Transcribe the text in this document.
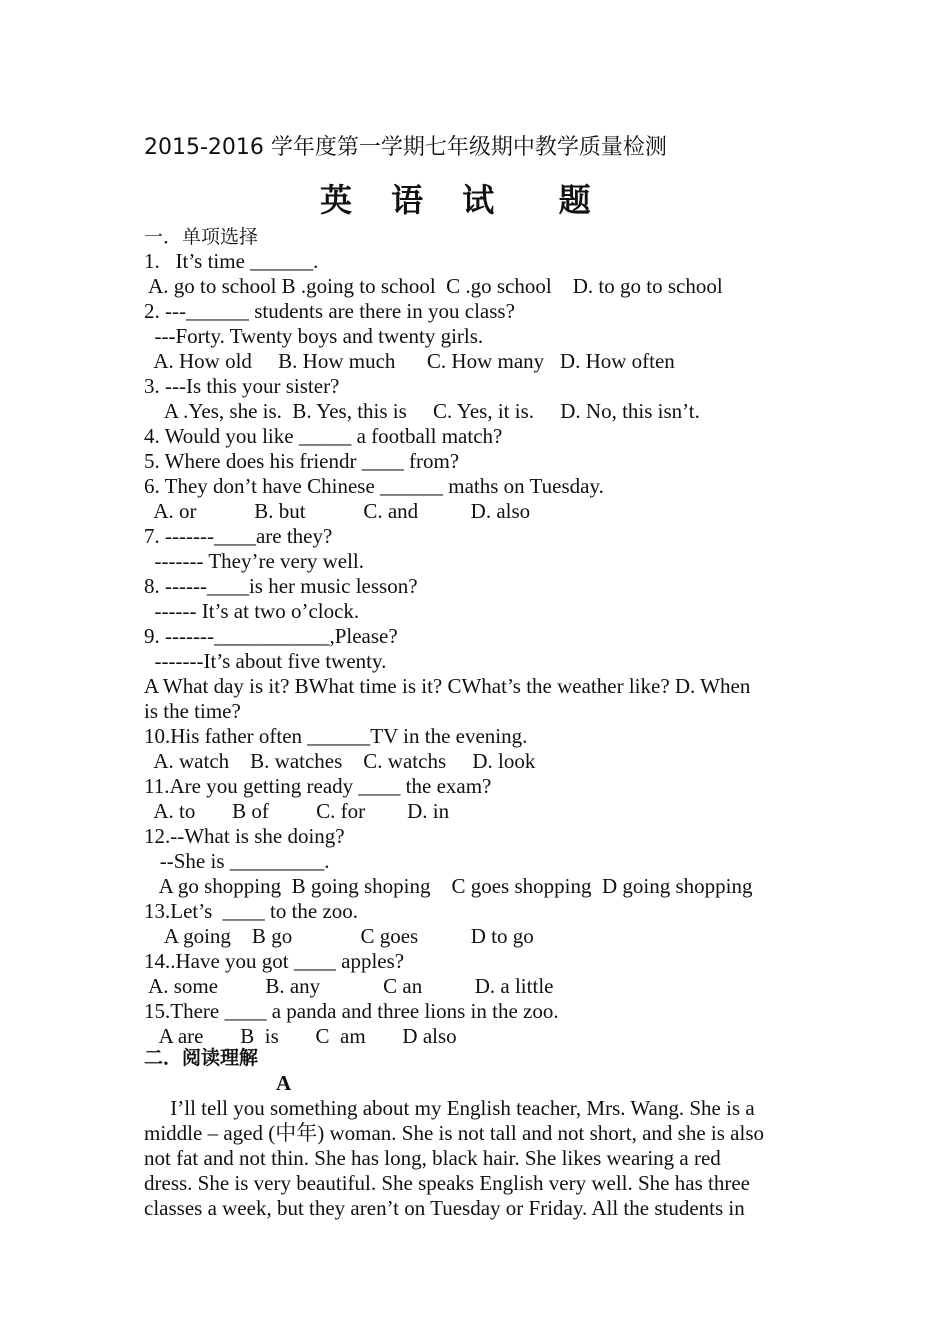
2015-2016 学年度第一学期七年级期中教学质量检测
英 语 试  题
一．单项选择
1.   It’s time ______.
A. go to school B .going to school  C .go school    D. to go to school
2. ---______ students are there in you class?
---Forty. Twenty boys and twenty girls.
A. How old     B. How much      C. How many   D. How often
3. ---Is this your sister?
A .Yes, she is.  B. Yes, this is     C. Yes, it is.     D. No, this isn’t.
4. Would you like _____ a football match?
5. Where does his friendr ____ from?
6. They don’t have Chinese ______ maths on Tuesday.
A. or           B. but           C. and          D. also
7. -------____are they?
------- They’re very well.
8. ------____is her music lesson?
------ It’s at two o’clock.
9. -------___________,Please?
-------It’s about five twenty.
A What day is it? BWhat time is it? CWhat’s the weather like? D. When
is the time?
10.His father often ______TV in the evening.
A. watch    B. watches    C. watchs     D. look
11.Are you getting ready ____ the exam?
A. to       B of         C. for        D. in
12.--What is she doing?
--She is _________.
A go shopping  B going shoping    C goes shopping  D going shopping
13.Let’s  ____ to the zoo.
A going    B go             C goes          D to go
14..Have you got ____ apples?
A. some         B. any            C an          D. a little
15.There ____ a panda and three lions in the zoo.
A are       B  is       C  am       D also
二．阅读理解
A
I’ll tell you something about my English teacher, Mrs. Wang. She is a
middle – aged (中年) woman. She is not tall and not short, and she is also
not fat and not thin. She has long, black hair. She likes wearing a red
dress. She is very beautiful. She speaks English very well. She has three
classes a week, but they aren’t on Tuesday or Friday. All the students in
